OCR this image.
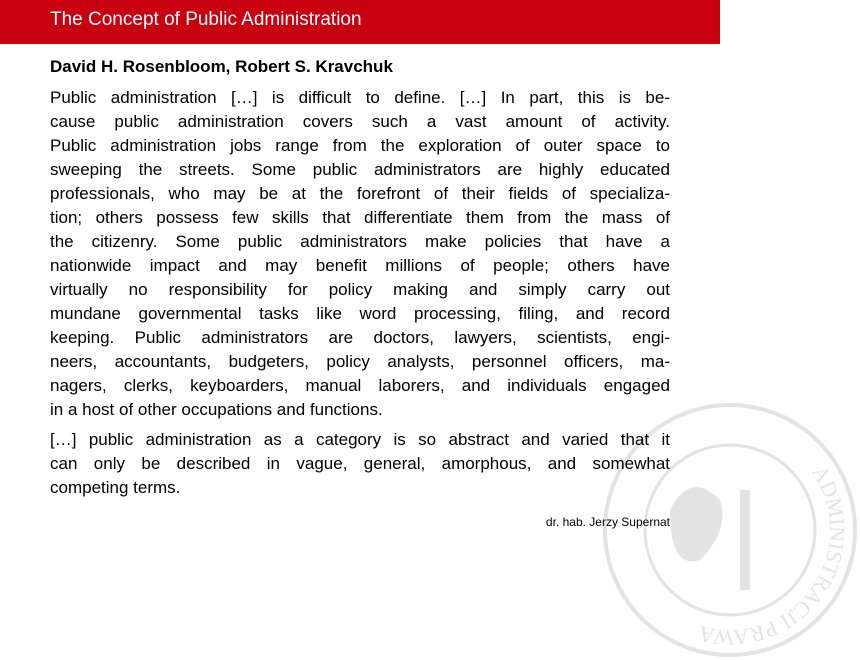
The Concept of Public Administration
ADMINISTRACJI PRAWA
David H. Rosenbloom, Robert S. Kravchuk
Public administration […] is difficult to define. […] In part, this is be-
cause public administration covers such a vast amount of activity.
Public administration jobs range from the exploration of outer space to
sweeping the streets. Some public administrators are highly educated
professionals, who may be at the forefront of their fields of specializa-
tion; others possess few skills that differentiate them from the mass of
the citizenry. Some public administrators make policies that have a
nationwide impact and may benefit millions of people; others have
virtually no responsibility for policy making and simply carry out
mundane governmental tasks like word processing, filing, and record
keeping. Public administrators are doctors, lawyers, scientists, engi-
neers, accountants, budgeters, policy analysts, personnel officers, ma-
nagers, clerks, keyboarders, manual laborers, and individuals engaged
in a host of other occupations and functions.
[…] public administration as a category is so abstract and varied that it
can only be described in vague, general, amorphous, and somewhat
competing terms.
dr. hab. Jerzy Supernat
